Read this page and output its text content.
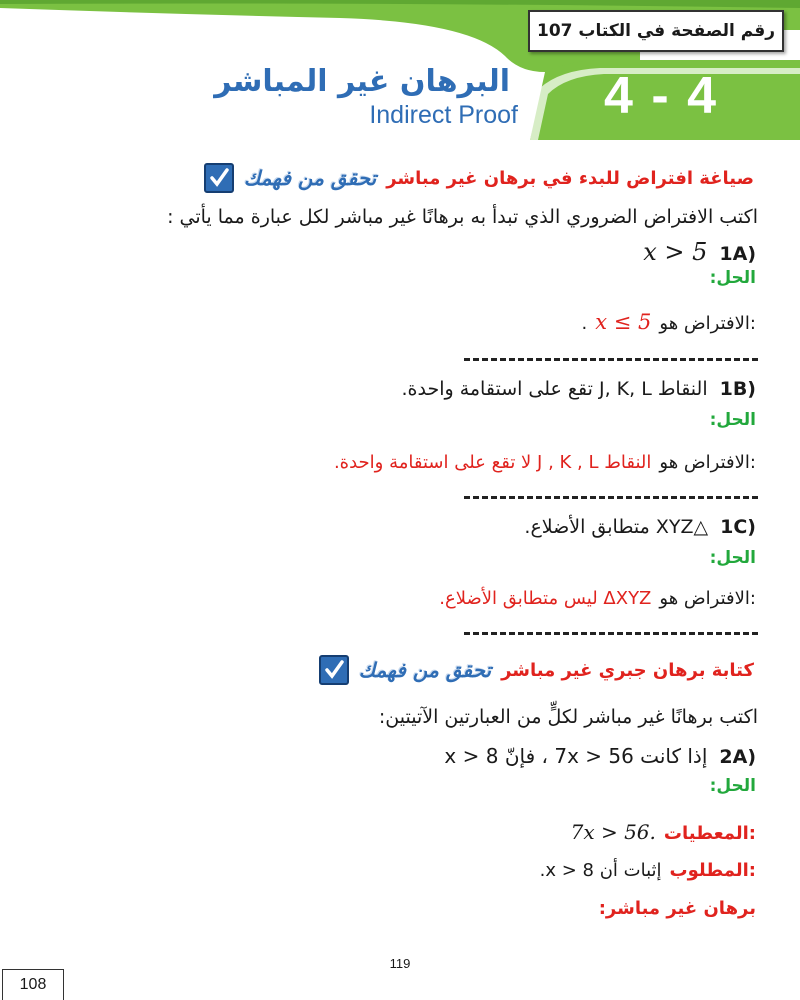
رقم الصفحة في الكتاب 107
4 - 4
البرهان غير المباشر
Indirect Proof
تحقق من فهمك صياغة افتراض للبدء في برهان غير مباشر
اكتب الافتراض الضروري الذي تبدأ به برهانًا غير مباشر لكل عبارة مما يأتي :
1A)
x > 5
الحل:
الافتراض هو:
x ≤ 5
.
1B)
النقاط J, K, L تقع على استقامة واحدة.
الحل:
الافتراض هو:
النقاط J , K , L لا تقع على استقامة واحدة.
1C)
△XYZ متطابق الأضلاع.
الحل:
الافتراض هو:
ΔXYZ ليس متطابق الأضلاع.
تحقق من فهمك كتابة برهان جبري غير مباشر
اكتب برهانًا غير مباشر لكلٍّ من العبارتين الآتيتين:
2A)
إذا كانت 7x > 56 ، فإنّ x > 8
الحل:
المعطيات:
7x > 56.
المطلوب:
إثبات أن x > 8.
برهان غير مباشر:
119
108
